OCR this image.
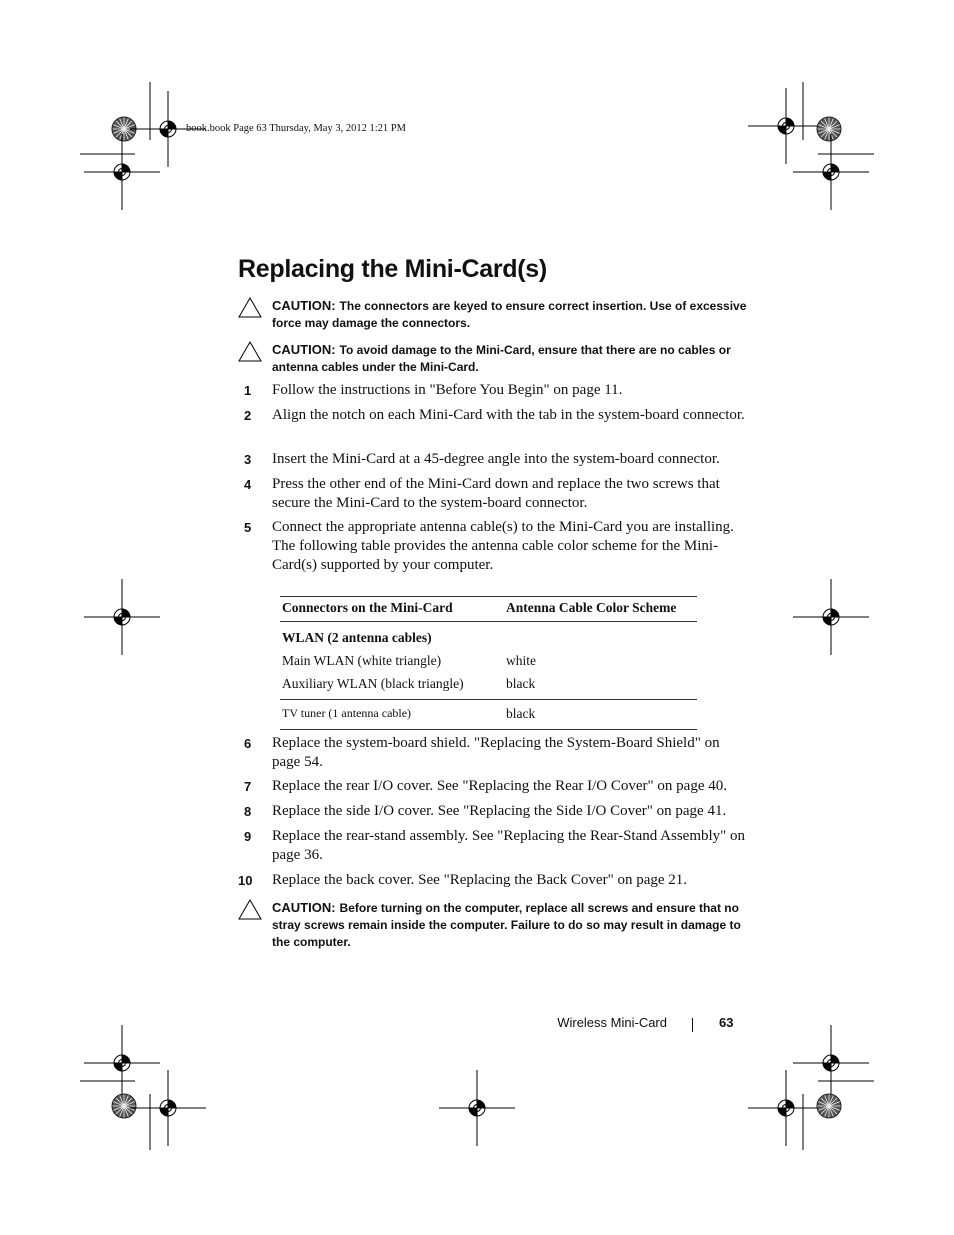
book.book Page 63 Thursday, May 3, 2012 1:21 PM
Replacing the Mini-Card(s)
CAUTION: The connectors are keyed to ensure correct insertion. Use of excessive force may damage the connectors.
CAUTION: To avoid damage to the Mini-Card, ensure that there are no cables or antenna cables under the Mini-Card.
1	Follow the instructions in "Before You Begin" on page 11.
2	Align the notch on each Mini-Card with the tab in the system-board connector.
3	Insert the Mini-Card at a 45-degree angle into the system-board connector.
4	Press the other end of the Mini-Card down and replace the two screws that secure the Mini-Card to the system-board connector.
5	Connect the appropriate antenna cable(s) to the Mini-Card you are installing. The following table provides the antenna cable color scheme for the Mini-Card(s) supported by your computer.
Connectors on the Mini-Card	Antenna Cable Color Scheme
WLAN (2 antenna cables)	
Main WLAN (white triangle)	white
Auxiliary WLAN (black triangle)	black
TV tuner (1 antenna cable)	black
6	Replace the system-board shield. "Replacing the System-Board Shield" on page 54.
7	Replace the rear I/O cover. See "Replacing the Rear I/O Cover" on page 40.
8	Replace the side I/O cover. See "Replacing the Side I/O Cover" on page 41.
9	Replace the rear-stand assembly. See "Replacing the Rear-Stand Assembly" on page 36.
10	Replace the back cover. See "Replacing the Back Cover" on page 21.
CAUTION: Before turning on the computer, replace all screws and ensure that no stray screws remain inside the computer. Failure to do so may result in damage to the computer.
Wireless Mini-Card	63
